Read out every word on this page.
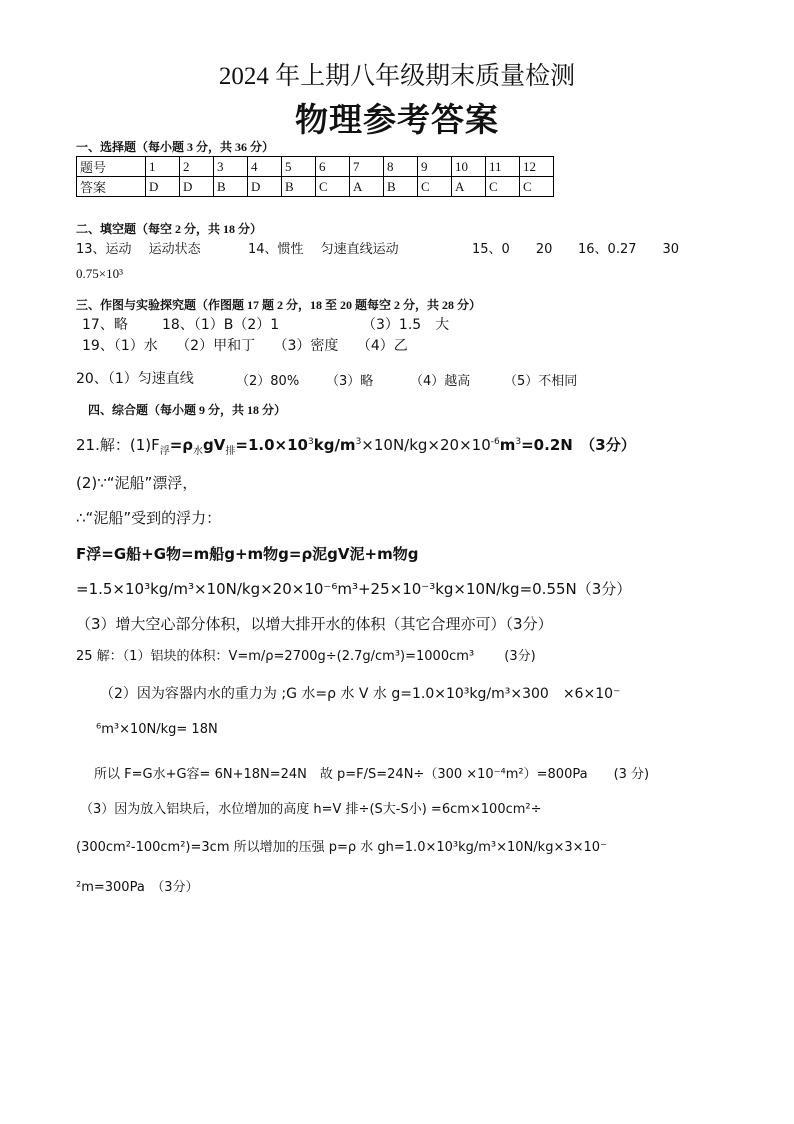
2024 年上期八年级期末质量检测
物理参考答案
一、选择题（每小题 3 分，共 36 分）
题号	1	2	3	4	5	6	7	8	9	10	11	12
答案	D	D	B	D	B	C	A	B	C	A	C	C
二、填空题（每空 2 分，共 18 分）
13、运动　 运动状态	14、惯性　 匀速直线运动	15、0　　20 16、0.27　　30
0.75×10³
三、作图与实验探究题（作图题 17 题 2 分，18 至 20 题每空 2 分，共 28 分）
17、略 18、（1）B（2）1	（3）1.5　大
19、（1）水　 （2）甲和丁　 （3）密度　 （4）乙
20、（1）匀速直线	（2）80% （3）略	（4）越高	（5）不相同
四、综合题（每小题 9 分，共 18 分）
21.解：$(1)F_浮=\rho_水gV_排=1.0\times 10^3kg/m^3\times 10N/kg\times 20\times 10^{-6}m^3=0.2N$　（3分）
(2)∵“泥船”漂浮，
∴“泥船”受到的浮力：
F浮=G船+G物=m船g+m物g=ρ泥gV泥+m物g
=1.5×10³kg/m³×10N/kg×20×10⁻⁶m³+25×10⁻³kg×10N/kg=0.55N（3分）
（3）增大空心部分体积，以增大排开水的体积（其它合理亦可）（3分）
25 解：（1）铝块的体积：V=m/ρ=2700g÷(2.7g/cm³)=1000cm³　　 (3分)
（2）因为容器内水的重力为 ;G 水=ρ 水 V 水 g=1.0×10³kg/m³×300　×6×10⁻
⁶m³×10N/kg= 18N
所以 F=G水+G容= 6N+18N=24N　故 p=F/S=24N÷（300 ×10⁻⁴m²）=800Pa　　(3 分)
（3）因为放入铝块后，水位增加的高度 h=V 排÷(S大-S小) =6cm×100cm²÷
(300cm²-100cm²)=3cm 所以增加的压强 p=ρ 水 gh=1.0×10³kg/m³×10N/kg×3×10⁻
²m=300Pa　（3分）
